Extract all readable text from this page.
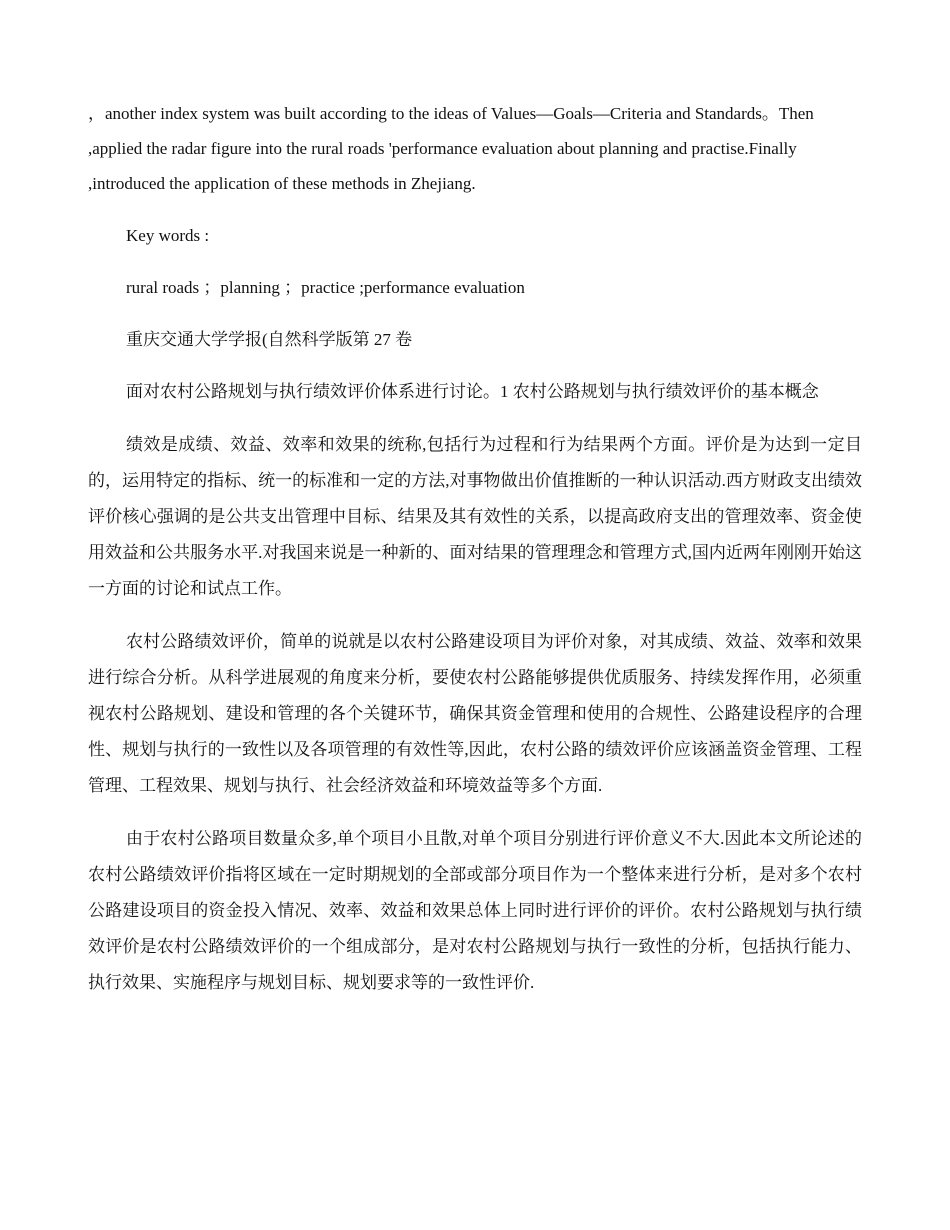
，another index system was built according to the ideas of Values—Goals—Criteria and Standards。Then ,applied the radar figure into the rural roads 'performance evaluation about planning and practise.Finally ,introduced the application of these methods in Zhejiang.

Key words :

rural roads ；planning ；practice ;performance evaluation

重庆交通大学学报(自然科学版第 27 卷

面对农村公路规划与执行绩效评价体系进行讨论。1 农村公路规划与执行绩效评价的基本概念

绩效是成绩、效益、效率和效果的统称,包括行为过程和行为结果两个方面。评价是为达到一定目的，运用特定的指标、统一的标准和一定的方法,对事物做出价值推断的一种认识活动.西方财政支出绩效评价核心强调的是公共支出管理中目标、结果及其有效性的关系，以提高政府支出的管理效率、资金使用效益和公共服务水平.对我国来说是一种新的、面对结果的管理理念和管理方式,国内近两年刚刚开始这一方面的讨论和试点工作。

农村公路绩效评价，简单的说就是以农村公路建设项目为评价对象，对其成绩、效益、效率和效果进行综合分析。从科学进展观的角度来分析，要使农村公路能够提供优质服务、持续发挥作用，必须重视农村公路规划、建设和管理的各个关键环节，确保其资金管理和使用的合规性、公路建设程序的合理性、规划与执行的一致性以及各项管理的有效性等,因此，农村公路的绩效评价应该涵盖资金管理、工程管理、工程效果、规划与执行、社会经济效益和环境效益等多个方面.

由于农村公路项目数量众多,单个项目小且散,对单个项目分别进行评价意义不大.因此本文所论述的农村公路绩效评价指将区域在一定时期规划的全部或部分项目作为一个整体来进行分析，是对多个农村公路建设项目的资金投入情况、效率、效益和效果总体上同时进行评价的评价。农村公路规划与执行绩效评价是农村公路绩效评价的一个组成部分，是对农村公路规划与执行一致性的分析，包括执行能力、执行效果、实施程序与规划目标、规划要求等的一致性评价.
